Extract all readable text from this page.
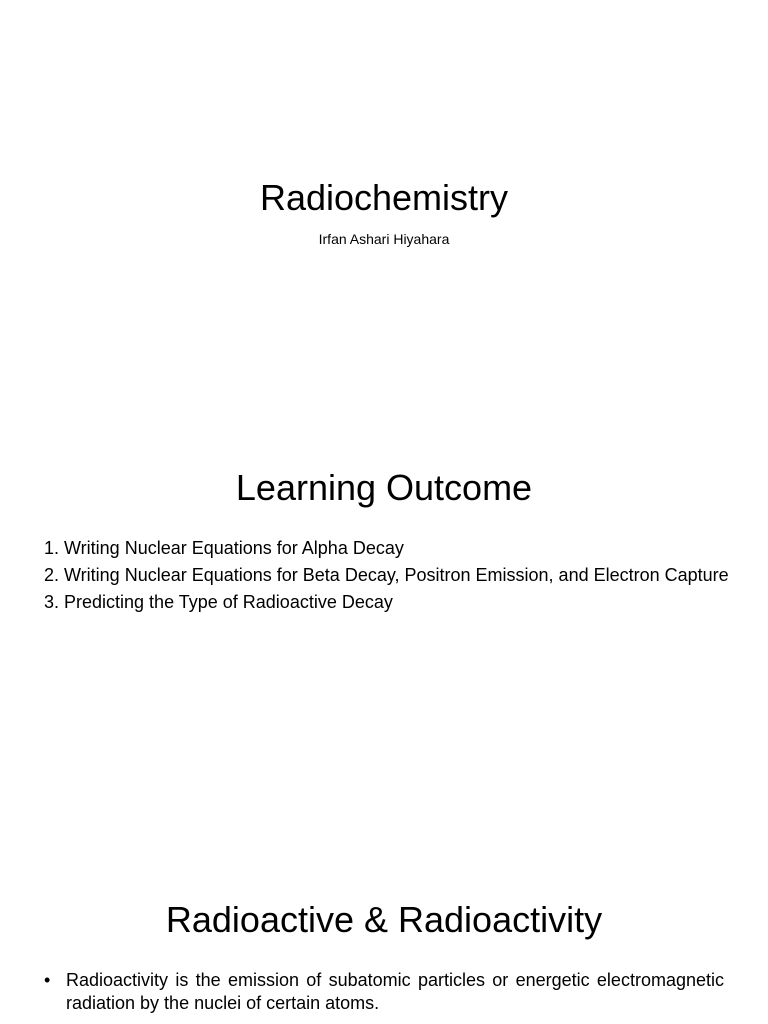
Radiochemistry
Irfan Ashari Hiyahara
Learning Outcome
1. Writing Nuclear Equations for Alpha Decay
2. Writing Nuclear Equations for Beta Decay, Positron Emission, and Electron Capture
3. Predicting the Type of Radioactive Decay
Radioactive & Radioactivity
• Radioactivity is the emission of subatomic particles or energetic electromagnetic radiation by the nuclei of certain atoms.
